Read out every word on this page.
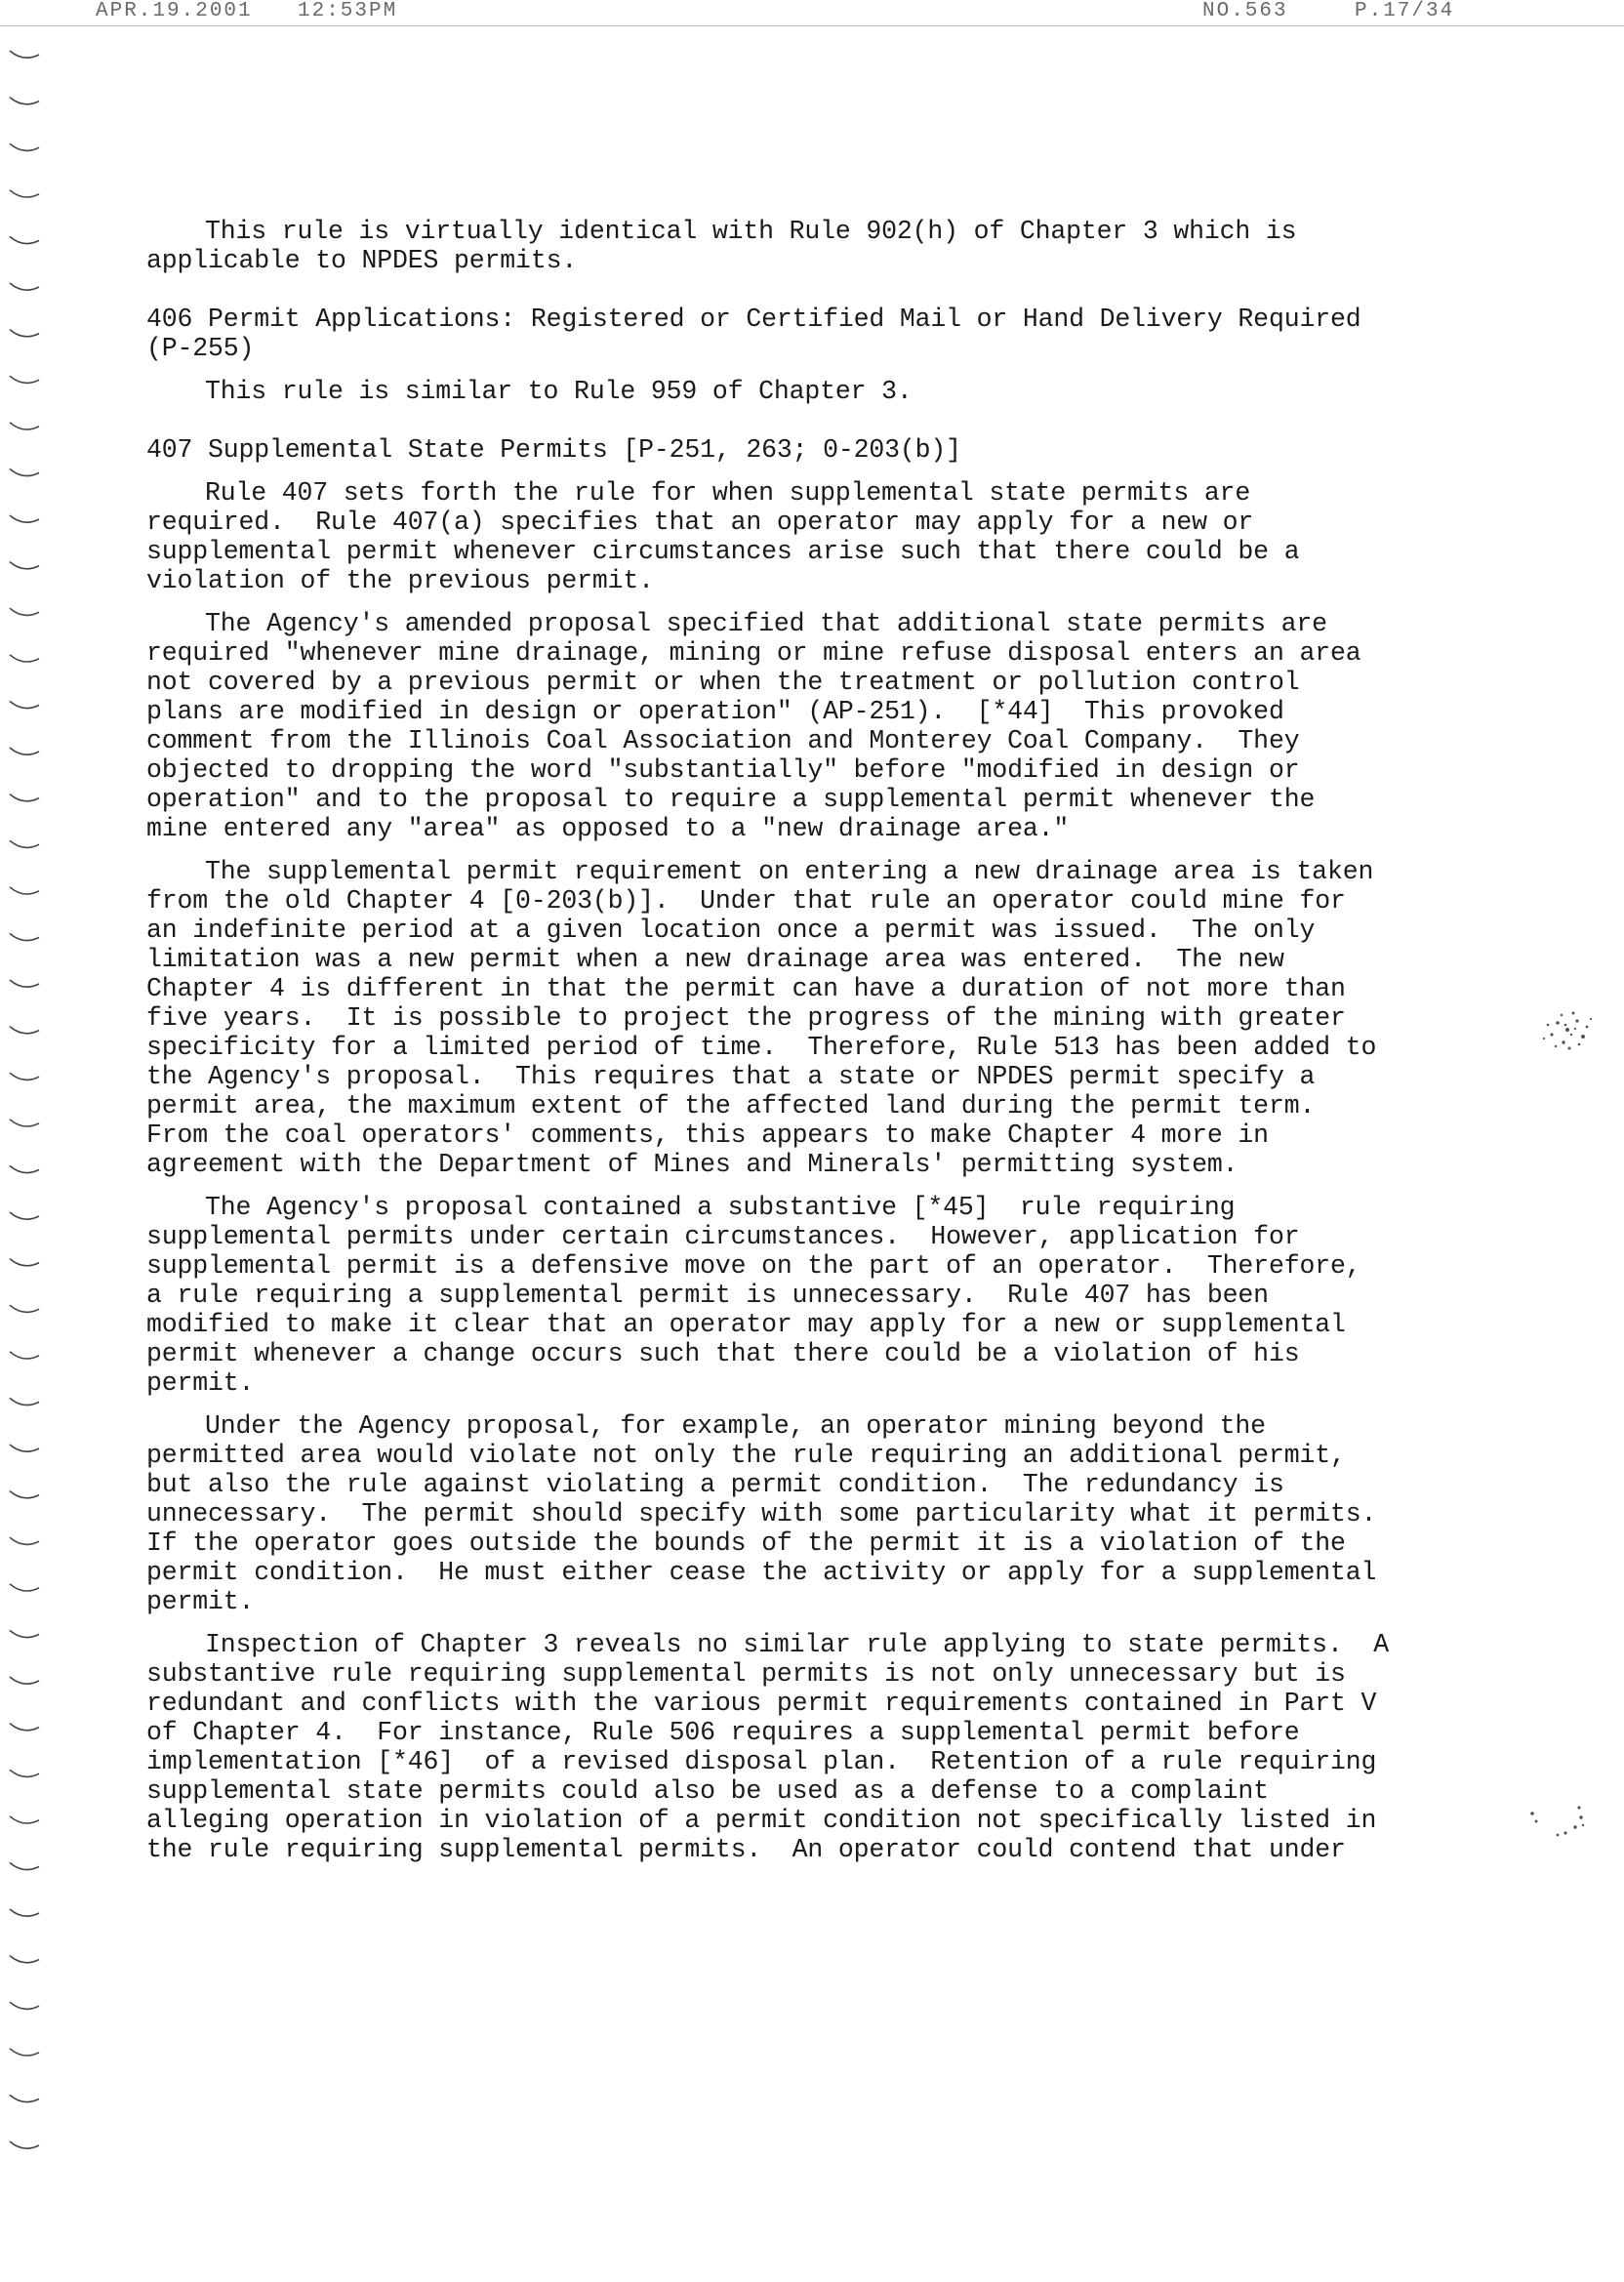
APR.19.2001 12:53PM	NO.563	P.17/34

This rule is virtually identical with Rule 902(h) of Chapter 3 which is

applicable to NPDES permits.

406 Permit Applications: Registered or Certified Mail or Hand Delivery Required

(P-255)

This rule is similar to Rule 959 of Chapter 3.

407 Supplemental State Permits [P-251, 263; 0-203(b)]

Rule 407 sets forth the rule for when supplemental state permits are

required.  Rule 407(a) specifies that an operator may apply for a new or

supplemental permit whenever circumstances arise such that there could be a

violation of the previous permit.

The Agency's amended proposal specified that additional state permits are

required "whenever mine drainage, mining or mine refuse disposal enters an area

not covered by a previous permit or when the treatment or pollution control

plans are modified in design or operation" (AP-251).  [*44]  This provoked

comment from the Illinois Coal Association and Monterey Coal Company.  They

objected to dropping the word "substantially" before "modified in design or

operation" and to the proposal to require a supplemental permit whenever the

mine entered any "area" as opposed to a "new drainage area."

The supplemental permit requirement on entering a new drainage area is taken

from the old Chapter 4 [0-203(b)].  Under that rule an operator could mine for

an indefinite period at a given location once a permit was issued.  The only

limitation was a new permit when a new drainage area was entered.  The new

Chapter 4 is different in that the permit can have a duration of not more than

five years.  It is possible to project the progress of the mining with greater

specificity for a limited period of time.  Therefore, Rule 513 has been added to

the Agency's proposal.  This requires that a state or NPDES permit specify a

permit area, the maximum extent of the affected land during the permit term.

From the coal operators' comments, this appears to make Chapter 4 more in

agreement with the Department of Mines and Minerals' permitting system.

The Agency's proposal contained a substantive [*45]  rule requiring

supplemental permits under certain circumstances.  However, application for

supplemental permit is a defensive move on the part of an operator.  Therefore,

a rule requiring a supplemental permit is unnecessary.  Rule 407 has been

modified to make it clear that an operator may apply for a new or supplemental

permit whenever a change occurs such that there could be a violation of his

permit.

Under the Agency proposal, for example, an operator mining beyond the

permitted area would violate not only the rule requiring an additional permit,

but also the rule against violating a permit condition.  The redundancy is

unnecessary.  The permit should specify with some particularity what it permits.

If the operator goes outside the bounds of the permit it is a violation of the

permit condition.  He must either cease the activity or apply for a supplemental

permit.

Inspection of Chapter 3 reveals no similar rule applying to state permits.  A

substantive rule requiring supplemental permits is not only unnecessary but is

redundant and conflicts with the various permit requirements contained in Part V

of Chapter 4.  For instance, Rule 506 requires a supplemental permit before

implementation [*46]  of a revised disposal plan.  Retention of a rule requiring

supplemental state permits could also be used as a defense to a complaint

alleging operation in violation of a permit condition not specifically listed in

the rule requiring supplemental permits.  An operator could contend that under
